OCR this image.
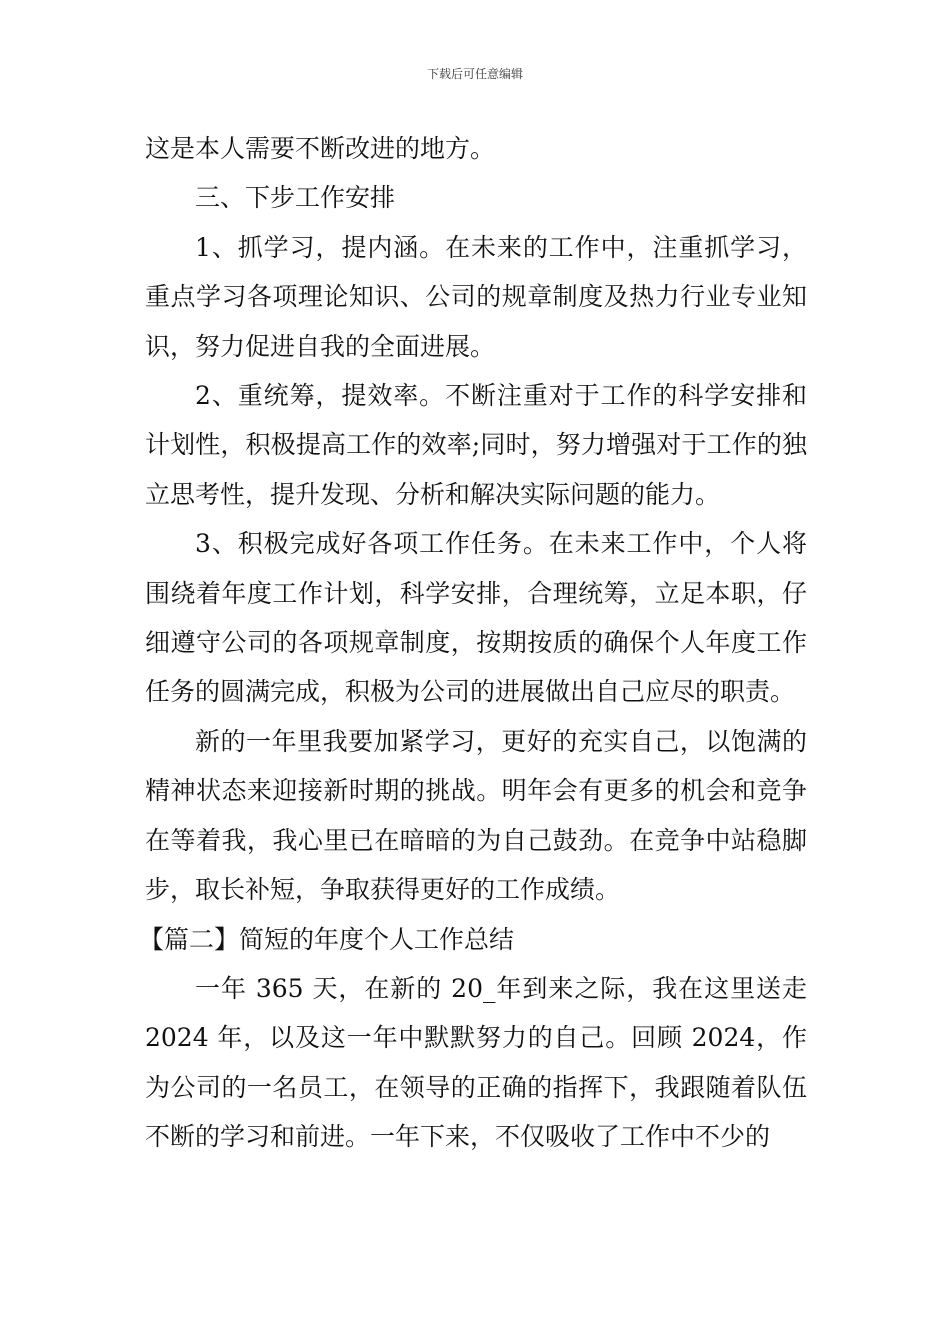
下载后可任意编辑

这是本人需要不断改进的地方。

三、下步工作安排

1、抓学习，提内涵。在未来的工作中，注重抓学习，重点学习各项理论知识、公司的规章制度及热力行业专业知识，努力促进自我的全面进展。

2、重统筹，提效率。不断注重对于工作的科学安排和计划性，积极提高工作的效率;同时，努力增强对于工作的独立思考性，提升发现、分析和解决实际问题的能力。

3、积极完成好各项工作任务。在未来工作中，个人将围绕着年度工作计划，科学安排，合理统筹，立足本职，仔细遵守公司的各项规章制度，按期按质的确保个人年度工作任务的圆满完成，积极为公司的进展做出自己应尽的职责。

新的一年里我要加紧学习，更好的充实自己，以饱满的精神状态来迎接新时期的挑战。明年会有更多的机会和竞争在等着我，我心里已在暗暗的为自己鼓劲。在竞争中站稳脚步，取长补短，争取获得更好的工作成绩。

【篇二】简短的年度个人工作总结

一年 365 天，在新的 20_年到来之际，我在这里送走 2024 年，以及这一年中默默努力的自己。回顾 2024，作为公司的一名员工，在领导的正确的指挥下，我跟随着队伍不断的学习和前进。一年下来，不仅吸收了工作中不少的
